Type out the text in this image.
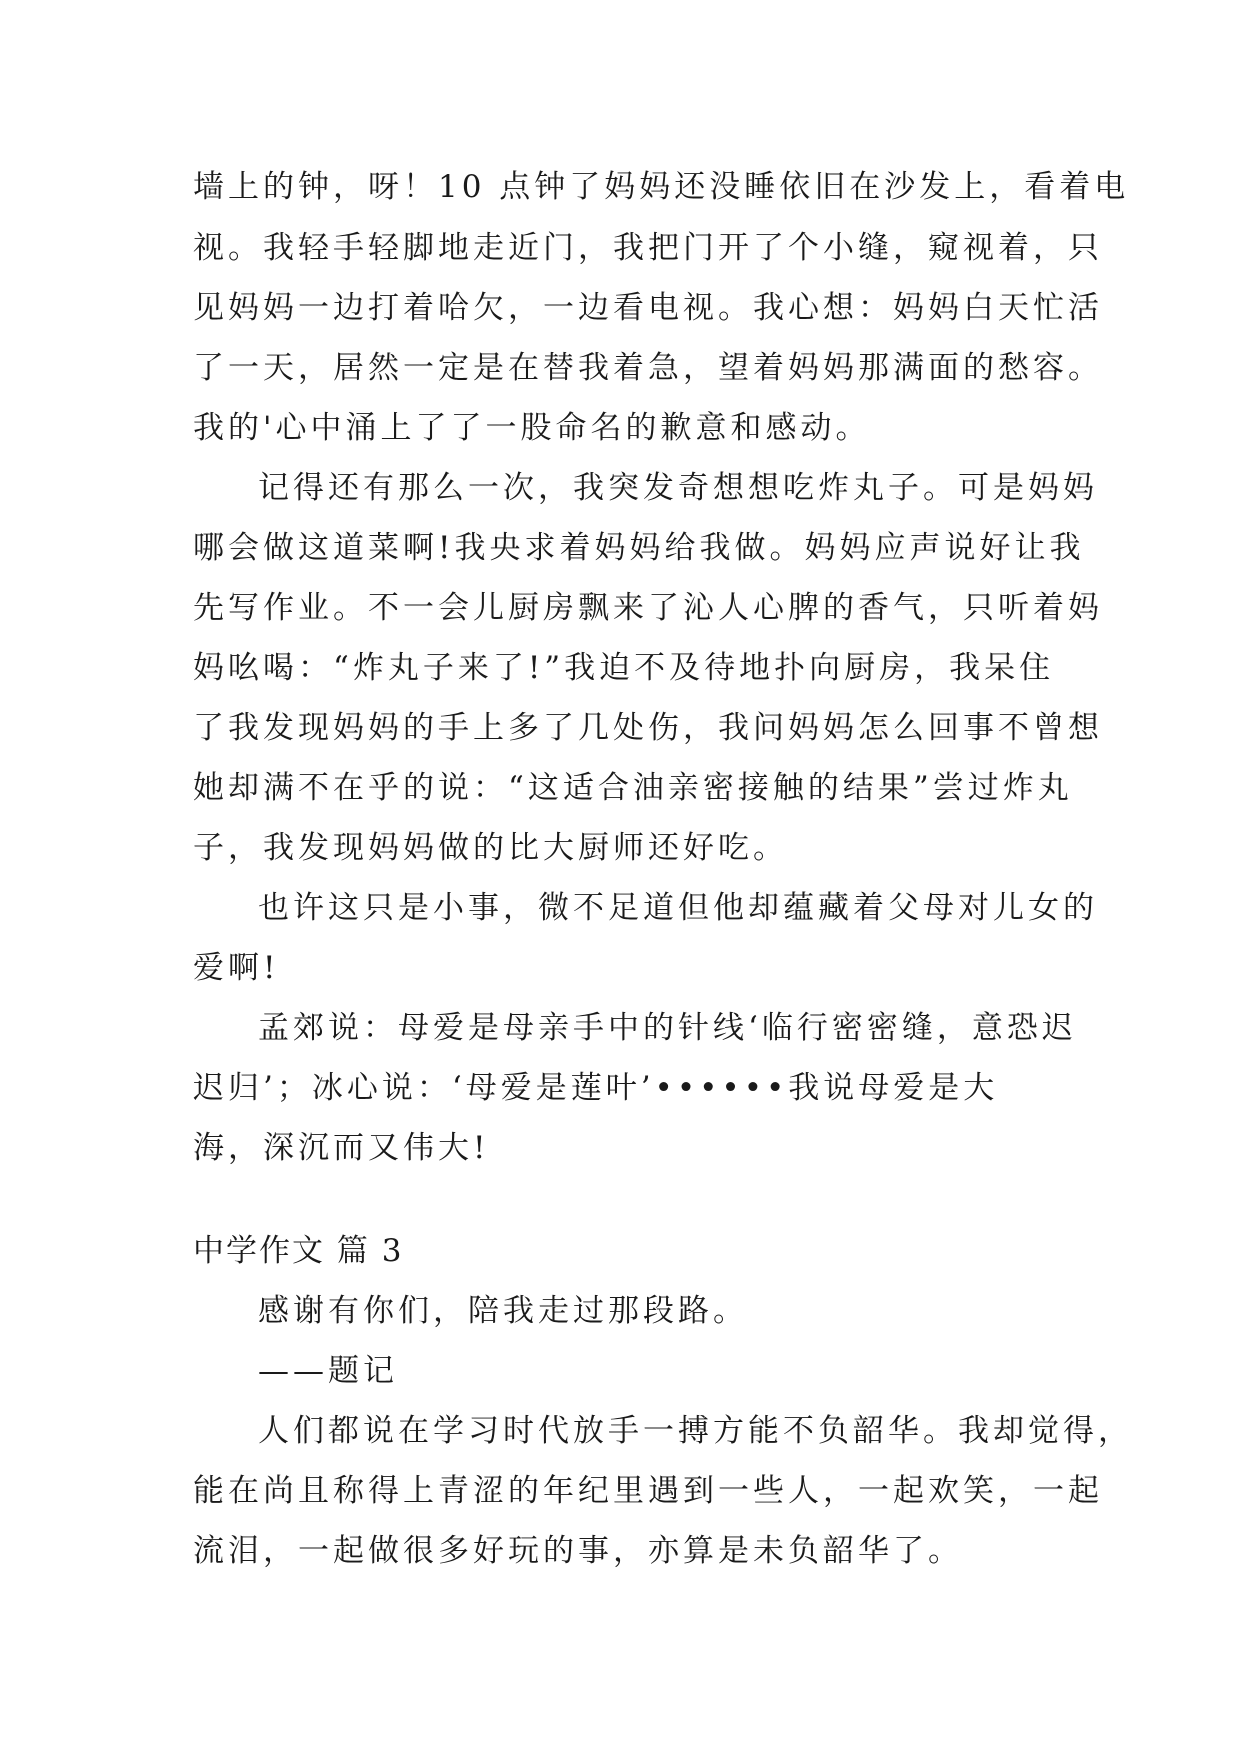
墙上的钟，呀！10 点钟了妈妈还没睡依旧在沙发上，看着电
视。我轻手轻脚地走近门，我把门开了个小缝，窥视着，只
见妈妈一边打着哈欠，一边看电视。我心想：妈妈白天忙活
了一天，居然一定是在替我着急，望着妈妈那满面的愁容。
我的'心中涌上了了一股命名的歉意和感动。
记得还有那么一次，我突发奇想想吃炸丸子。可是妈妈
哪会做这道菜啊!我央求着妈妈给我做。妈妈应声说好让我
先写作业。不一会儿厨房飘来了沁人心脾的香气，只听着妈
妈吆喝：“炸丸子来了!”我迫不及待地扑向厨房，我呆住
了我发现妈妈的手上多了几处伤，我问妈妈怎么回事不曾想
她却满不在乎的说：“这适合油亲密接触的结果”尝过炸丸
子，我发现妈妈做的比大厨师还好吃。
也许这只是小事，微不足道但他却蕴藏着父母对儿女的
爱啊!
孟郊说：母爱是母亲手中的针线‘临行密密缝，意恐迟
迟归’；冰心说：‘母爱是莲叶’••••••我说母爱是大
海，深沉而又伟大!
中学作文 篇 3
感谢有你们，陪我走过那段路。
——题记
人们都说在学习时代放手一搏方能不负韶华。我却觉得，
能在尚且称得上青涩的年纪里遇到一些人，一起欢笑，一起
流泪，一起做很多好玩的事，亦算是未负韶华了。
